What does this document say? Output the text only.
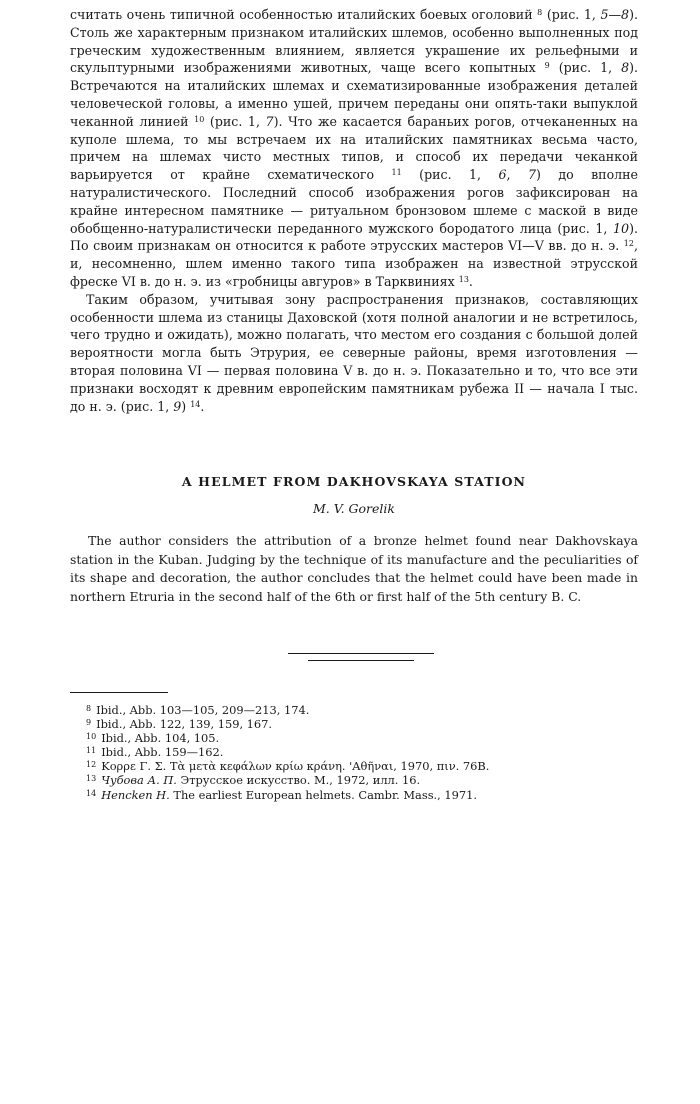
считать очень типичной особенностью италийских боевых оголовий $^8$ (рис. 1, 5—8). Столь же характерным признаком италийских шлемов, особенно выполненных под греческим художественным влиянием, является украшение их рельефными и скульптурными изображениями животных, чаще всего копытных $^9$ (рис. 1, 8). Встречаются на италийских шлемах и схематизированные изображения деталей человеческой головы, а именно ушей, причем переданы они опять-таки выпуклой чеканной линией $^{10}$ (рис. 1, 7). Что же касается бараньих рогов, отчеканенных на куполе шлема, то мы встречаем их на италийских памятниках весьма часто, причем на шлемах чисто местных типов, и способ их передачи чеканкой варьируется от крайне схематического $^{11}$ (рис. 1, 6, 7) до вполне натуралистического. Последний способ изображения рогов зафиксирован на крайне интересном памятнике — ритуальном бронзовом шлеме с маской в виде обобщенно-натуралистически переданного мужского бородатого лица (рис. 1, 10). По своим признакам он относится к работе этрусских мастеров VI—V вв. до н. э. $^{12}$, и, несомненно, шлем именно такого типа изображен на известной этрусской фреске VI в. до н. э. из «гробницы авгуров» в Тарквиниях $^{13}$.

Таким образом, учитывая зону распространения признаков, составляющих особенности шлема из станицы Даховской (хотя полной аналогии и не встретилось, чего трудно и ожидать), можно полагать, что местом его создания с большой долей вероятности могла быть Этрурия, ее северные районы, время изготовления — вторая половина VI — первая половина V в. до н. э. Показательно и то, что все эти признаки восходят к древним европейским памятникам рубежа II — начала I тыс. до н. э. (рис. 1, 9) $^{14}$.

A HELMET FROM DAKHOVSKAYA STATION
M. V. Gorelik

The author considers the attribution of a bronze helmet found near Dakhovskaya station in the Kuban. Judging by the technique of its manufacture and the peculiarities of its shape and decoration, the author concludes that the helmet could have been made in northern Etruria in the second half of the 6th or first half of the 5th century B. C.

$^8$ Ibid., Abb. 103—105, 209—213, 174.
$^9$ Ibid., Abb. 122, 139, 159, 167.
$^{10}$ Ibid., Abb. 104, 105.
$^{11}$ Ibid., Abb. 159—162.
$^{12}$ Κορρε Γ. Σ. Τὰ μετὰ κεφάλων κρίω κράνη. 'Αθῆναι, 1970, πιν. 76Β.
$^{13}$ Чубова А. П. Этрусское искусство. М., 1972, илл. 16.
$^{14}$ Hencken H. The earliest European helmets. Cambr. Mass., 1971.
